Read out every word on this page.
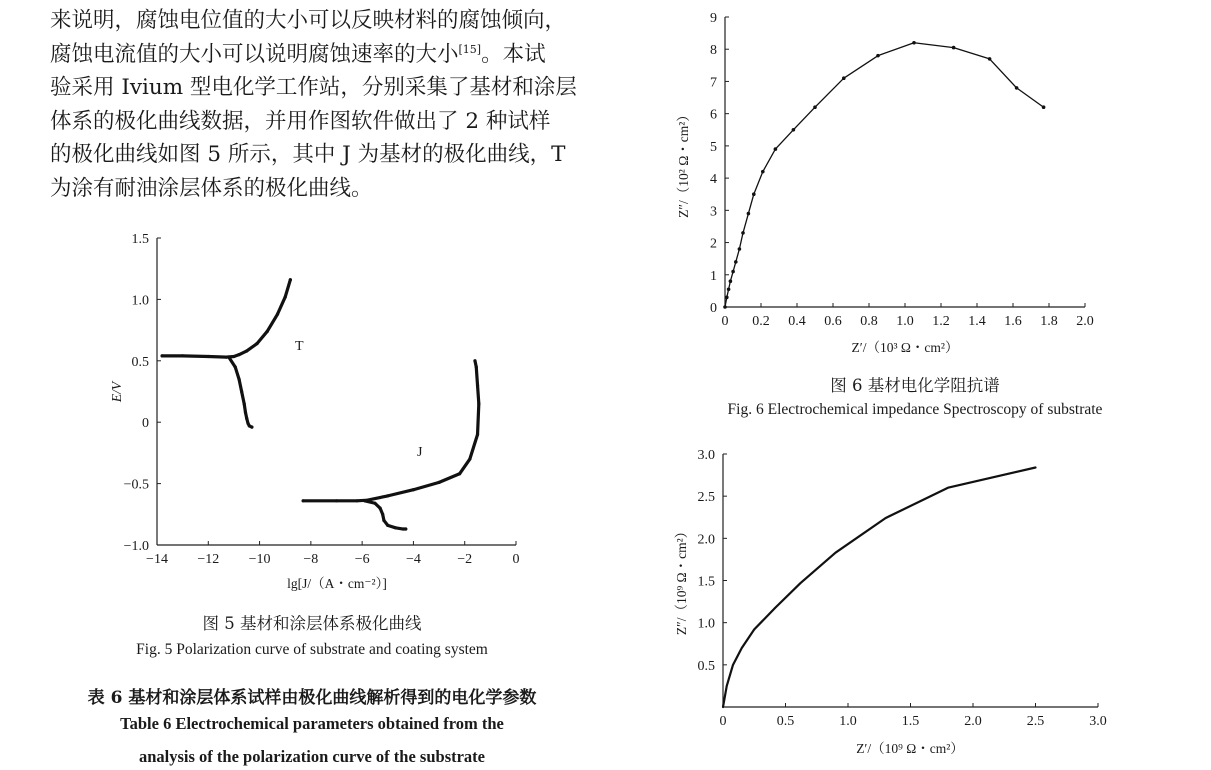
来说明，腐蚀电位值的大小可以反映材料的腐蚀倾向，

腐蚀电流值的大小可以说明腐蚀速率的大小[15]。本试

验采用 Ivium 型电化学工作站，分别采集了基材和涂层

体系的极化曲线数据，并用作图软件做出了 2 种试样

的极化曲线如图 5 所示，其中 J 为基材的极化曲线，T

为涂有耐油涂层体系的极化曲线。

−14 −12 −10 −8	−6	−4	−2	0
1.5
1.0
0.5
0
−0.5
−1.0
E/V
lg[J/（A・cm⁻²）]
T
J

图 5 基材和涂层体系极化曲线

Fig. 5 Polarization curve of substrate and coating system

表 6 基材和涂层体系试样由极化曲线解析得到的电化学参数

Table 6 Electrochemical parameters obtained from the

analysis of the polarization curve of the substrate

0 0.2 0.4 0.6 0.8 1.0 1.2 1.4 1.6 1.8 2.0
0
1
2
3
4
5
6
7
8
9
Z″/（10² Ω・cm²）
Z′/（10³ Ω・cm²）

图 6 基材电化学阻抗谱

Fig. 6 Electrochemical impedance Spectroscopy of substrate

0	0.5	1.0	1.5	2.0	2.5	3.0
3.0
2.5
2.0
1.5
1.0
0.5
Z″/（10⁹ Ω・cm²）
Z′/（10⁹ Ω・cm²）
